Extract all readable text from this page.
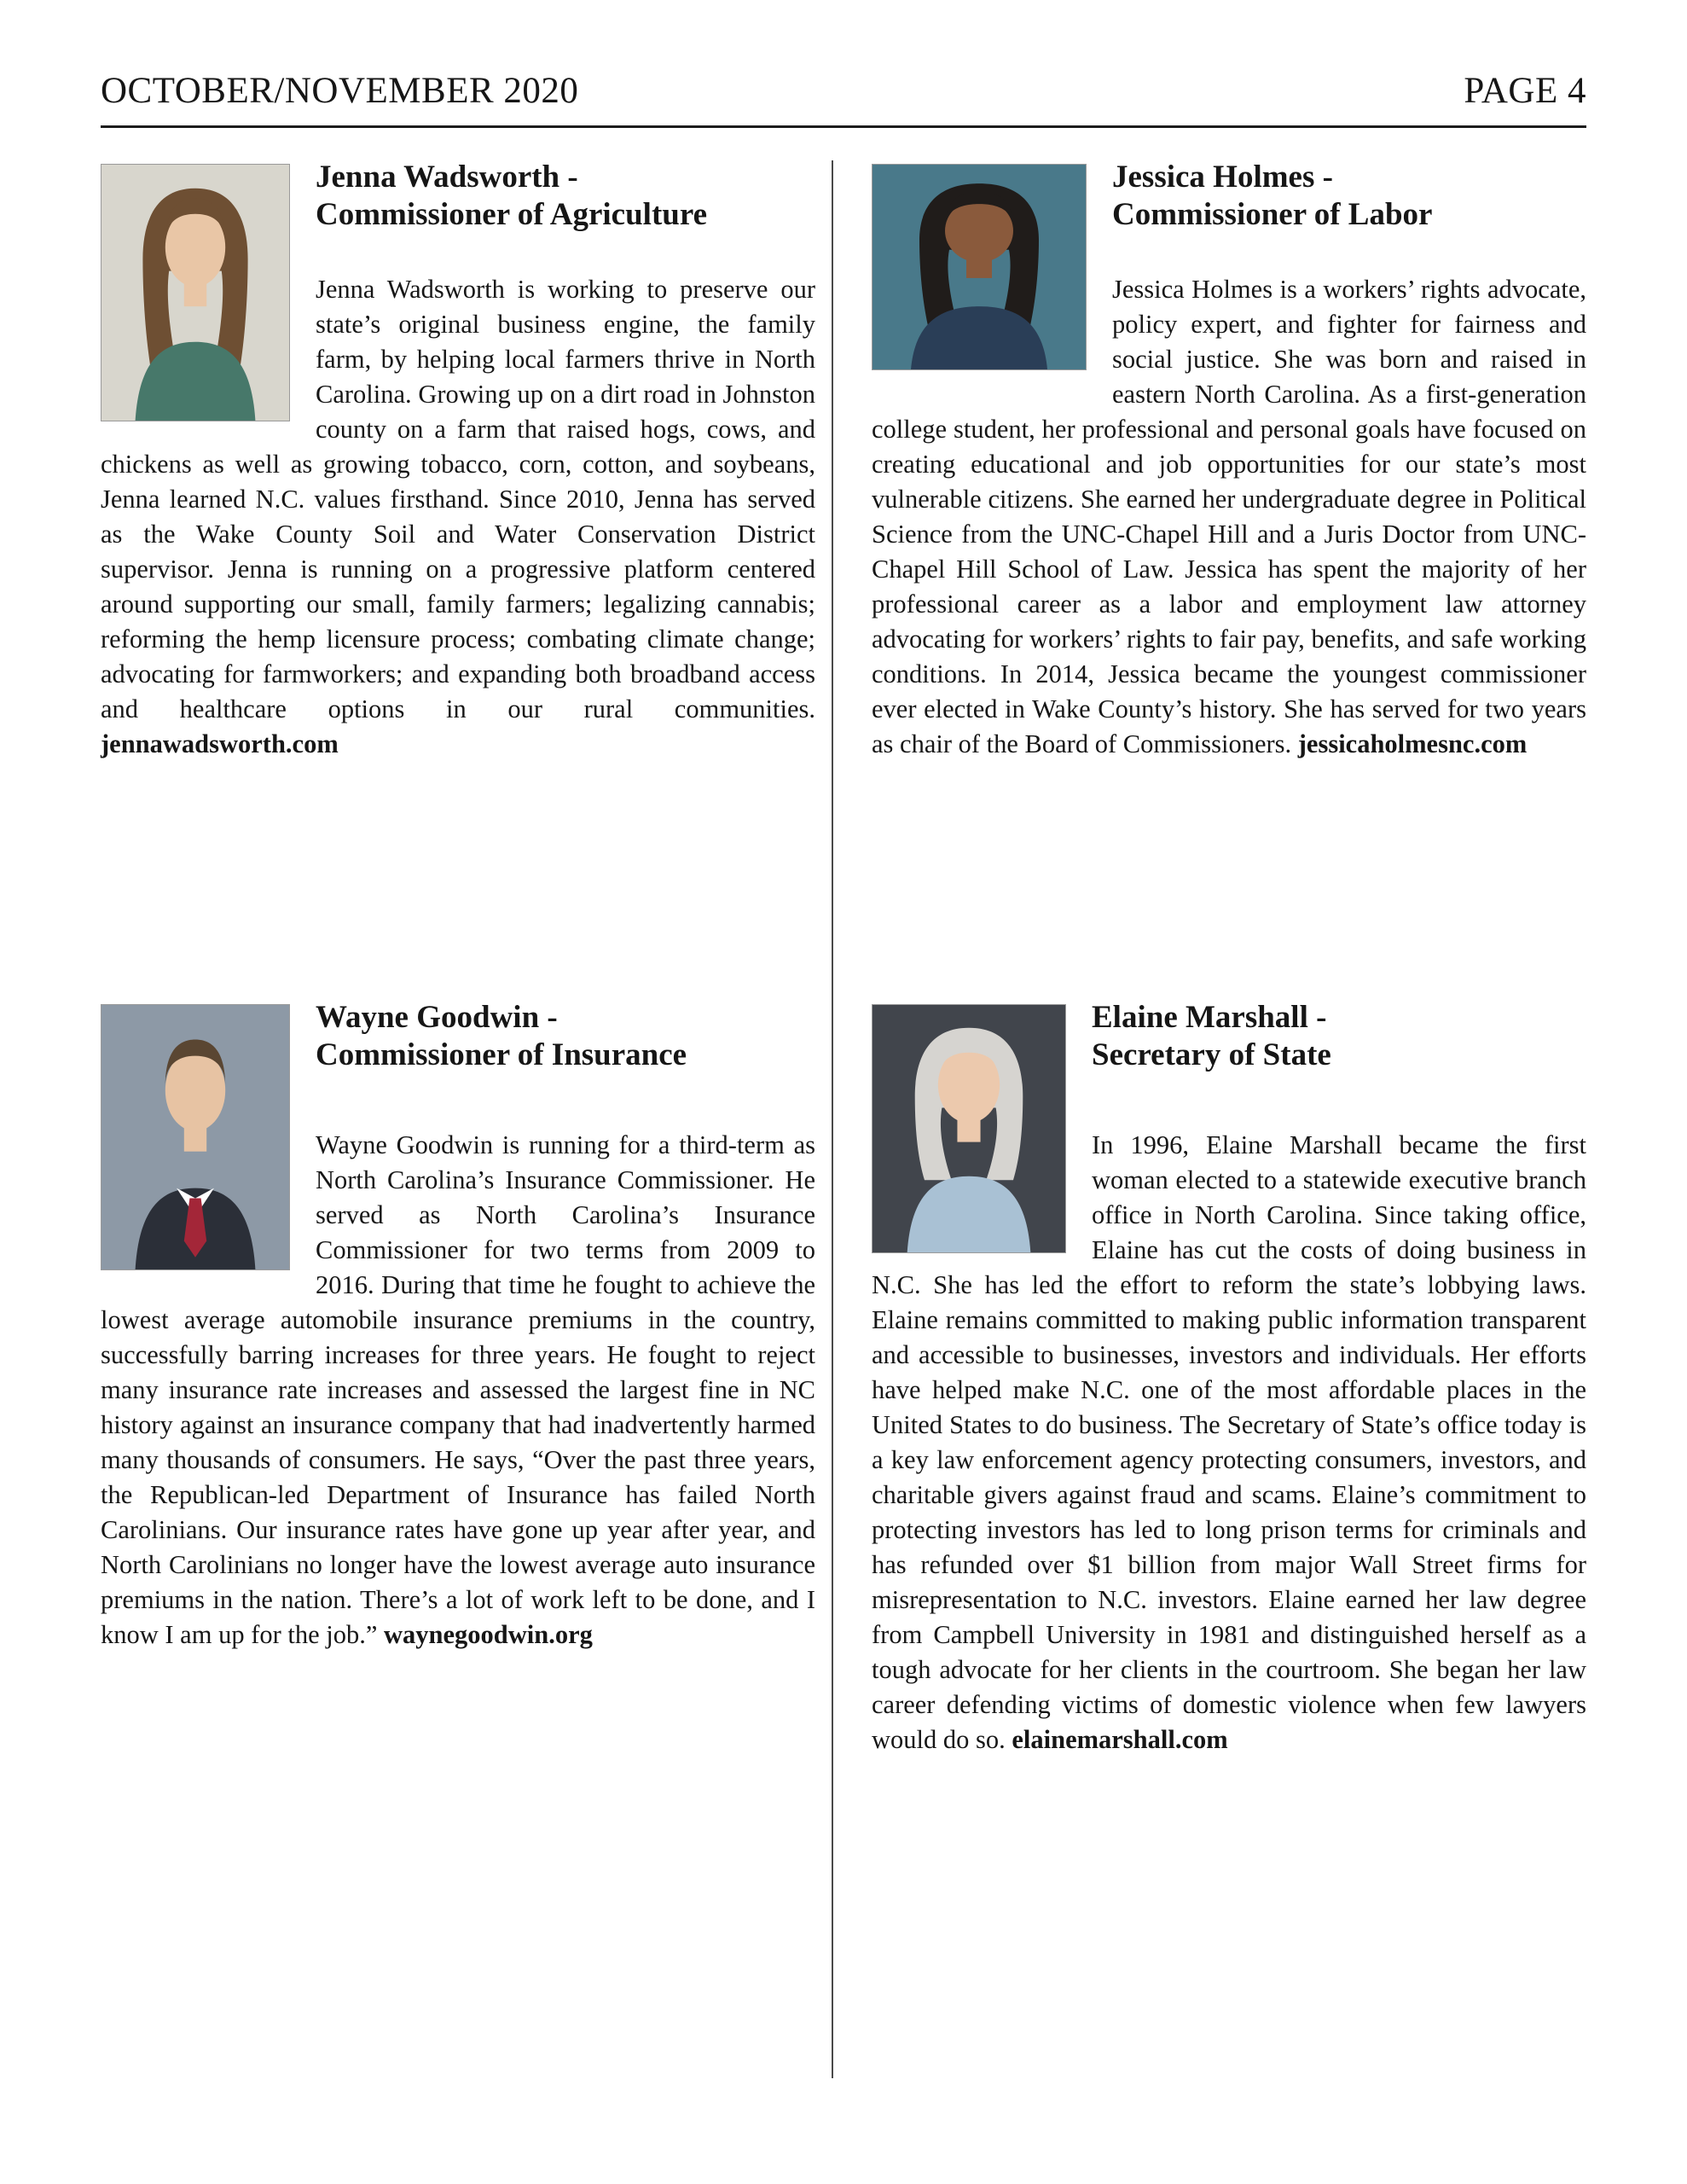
OCTOBER/NOVEMBER 2020	PAGE 4
Jenna Wadsworth -
Commissioner of Agriculture

Jenna Wadsworth is working to preserve our state’s original business engine, the family farm, by helping local farmers thrive in North Carolina. Growing up on a dirt road in Johnston county on a farm that raised hogs, cows, and chickens as well as growing tobacco, corn, cotton, and soybeans, Jenna learned N.C. values firsthand. Since 2010, Jenna has served as the Wake County Soil and Water Conservation District supervisor. Jenna is running on a progressive platform centered around supporting our small, family farmers; legalizing cannabis; reforming the hemp licensure process; combating climate change; advocating for farmworkers; and expanding both broadband access and healthcare options in our rural communities. jennawadsworth.com

Wayne Goodwin -
Commissioner of Insurance

Wayne Goodwin is running for a third-term as North Carolina’s Insurance Commissioner. He served as North Carolina’s Insurance Commissioner for two terms from 2009 to 2016. During that time he fought to achieve the lowest average automobile insurance premiums in the country, successfully barring increases for three years. He fought to reject many insurance rate increases and assessed the largest fine in NC history against an insurance company that had inadvertently harmed many thousands of consumers. He says, “Over the past three years, the Republican-led Department of Insurance has failed North Carolinians. Our insurance rates have gone up year after year, and North Carolinians no longer have the lowest average auto insurance premiums in the nation. There’s a lot of work left to be done, and I know I am up for the job.” waynegoodwin.org

Jessica Holmes -
Commissioner of Labor

Jessica Holmes is a workers’ rights advocate, policy expert, and fighter for fairness and social justice. She was born and raised in eastern North Carolina. As a first-generation college student, her professional and personal goals have focused on creating educational and job opportunities for our state’s most vulnerable citizens. She earned her undergraduate degree in Political Science from the UNC-Chapel Hill and a Juris Doctor from UNC-Chapel Hill School of Law. Jessica has spent the majority of her professional career as a labor and employment law attorney advocating for workers’ rights to fair pay, benefits, and safe working conditions. In 2014, Jessica became the youngest commissioner ever elected in Wake County’s history. She has served for two years as chair of the Board of Commissioners. jessicaholmesnc.com

Elaine Marshall -
Secretary of State

In 1996, Elaine Marshall became the first woman elected to a statewide executive branch office in North Carolina. Since taking office, Elaine has cut the costs of doing business in N.C. She has led the effort to reform the state’s lobbying laws. Elaine remains committed to making public information transparent and accessible to businesses, investors and individuals. Her efforts have helped make N.C. one of the most affordable places in the United States to do business. The Secretary of State’s office today is a key law enforcement agency protecting consumers, investors, and charitable givers against fraud and scams. Elaine’s commitment to protecting investors has led to long prison terms for criminals and has refunded over $1 billion from major Wall Street firms for misrepresentation to N.C. investors. Elaine earned her law degree from Campbell University in 1981 and distinguished herself as a tough advocate for her clients in the courtroom. She began her law career defending victims of domestic violence when few lawyers would do so. elainemarshall.com
